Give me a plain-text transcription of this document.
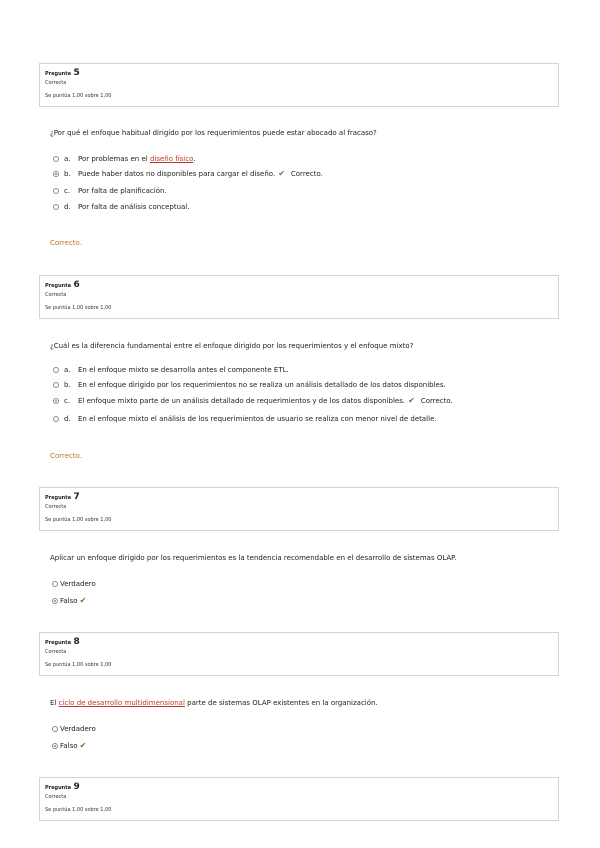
Pregunta 5
Correcta
Se puntúa 1,00 sobre 1,00
¿Por qué el enfoque habitual dirigido por los requerimientos puede estar abocado al fracaso?
a.	Por problemas en el diseño físico .
b.	Puede haber datos no disponibles para cargar el diseño. ✔ Correcto.
c.	Por falta de planificación.
d.	Por falta de análisis conceptual.
Correcto.
Pregunta 6
Correcta
Se puntúa 1,00 sobre 1,00
¿Cuál es la diferencia fundamental entre el enfoque dirigido por los requerimientos y el enfoque mixto?
a.	En el enfoque mixto se desarrolla antes el componente ETL.
b.	En el enfoque dirigido por los requerimientos no se realiza un análisis detallado de los datos disponibles.
c.	El enfoque mixto parte de un análisis detallado de requerimientos y de los datos disponibles. ✔ Correcto.
d.	En el enfoque mixto el análisis de los requerimientos de usuario se realiza con menor nivel de detalle.
Correcto.
Pregunta 7
Correcta
Se puntúa 1,00 sobre 1,00
Aplicar un enfoque dirigido por los requerimientos es la tendencia recomendable en el desarrollo de sistemas OLAP.
Verdadero
Falso ✔
Pregunta 8
Correcta
Se puntúa 1,00 sobre 1,00
El ciclo de desarrollo multidimensional parte de sistemas OLAP existentes en la organización.
Verdadero
Falso ✔
Pregunta 9
Correcta
Se puntúa 1,00 sobre 1,00
